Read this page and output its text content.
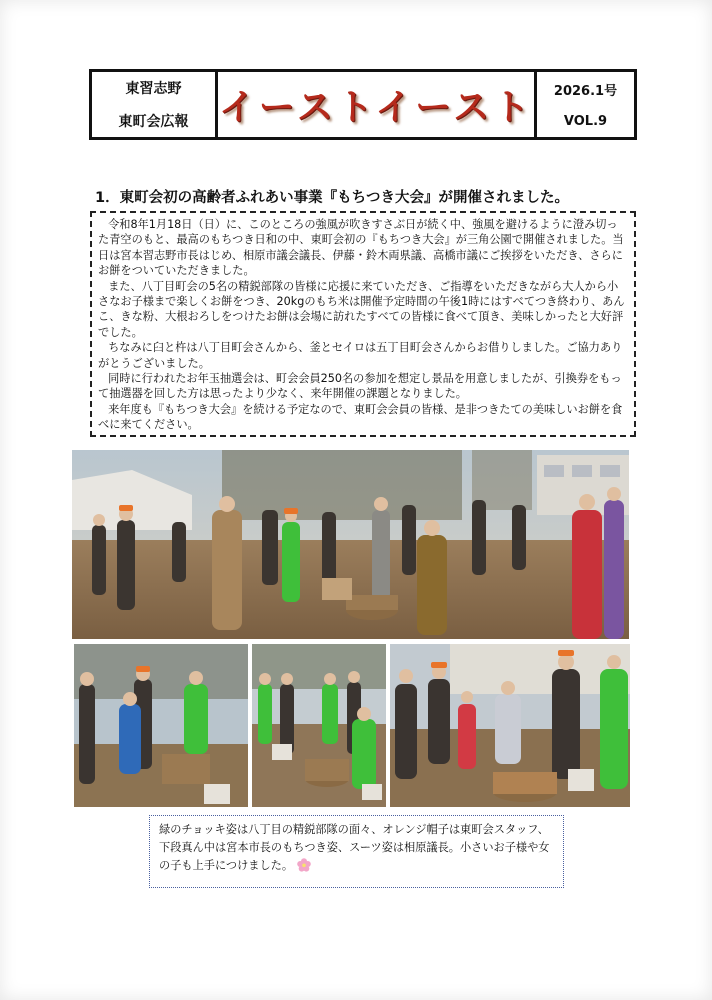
東習志野
東町会広報 イーストイースト 2026.1号
VOL.9
1．東町会初の高齢者ふれあい事業『もちつき大会』が開催されました。

令和8年1月18日（日）に、このところの強風が吹きすさぶ日が続く中、強風を避けるように澄み切った青空のもと、最高のもちつき日和の中、東町会初の『もちつき大会』が三角公園で開催されました。当日は宮本習志野市長はじめ、相原市議会議長、伊藤・鈴木両県議、高橋市議にご挨拶をいただき、さらにお餅をついていただきました。

また、八丁目町会の5名の精鋭部隊の皆様に応援に来ていただき、ご指導をいただきながら大人から小さなお子様まで楽しくお餅をつき、20kgのもち米は開催予定時間の午後1時にはすべてつき終わり、あんこ、きな粉、大根おろしをつけたお餅は会場に訪れたすべての皆様に食べて頂き、美味しかったと大好評でした。

ちなみに臼と杵は八丁目町会さんから、釜とセイロは五丁目町会さんからお借りしました。ご協力ありがとうございました。

同時に行われたお年玉抽選会は、町会会員250名の参加を想定し景品を用意しましたが、引換券をもって抽選器を回した方は思ったより少なく、来年開催の課題となりました。

来年度も『もちつき大会』を続ける予定なので、東町会会員の皆様、是非つきたての美味しいお餅を食べに来てください。

緑のチョッキ姿は八丁目の精鋭部隊の面々、オレンジ帽子は東町会スタッフ、下段真ん中は宮本市長のもちつき姿、スーツ姿は相原議長。小さいお子様や女の子も上手につけました。
